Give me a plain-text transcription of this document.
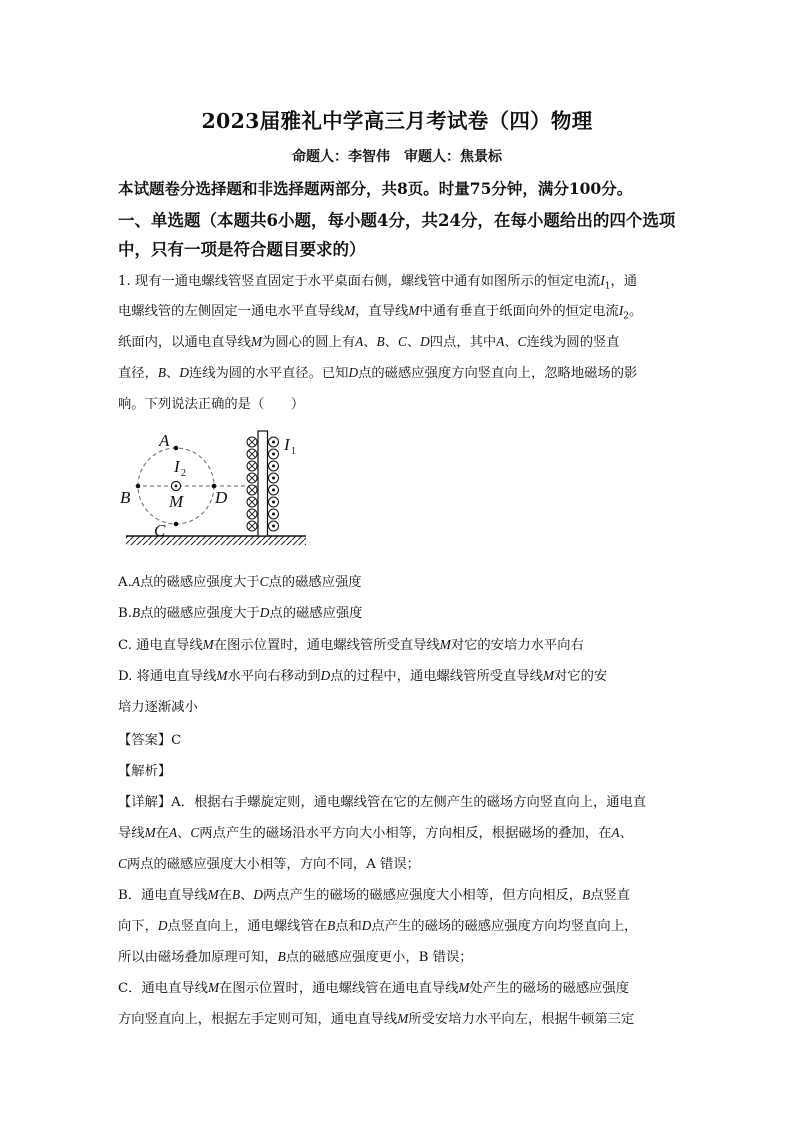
2023届雅礼中学高三月考试卷（四）物理
命题人：李智伟　审题人：焦景标
本试题卷分选择题和非选择题两部分，共8页。时量75分钟，满分100分。
一、单选题（本题共6小题，每小题4分，共24分，在每小题给出的四个选项
中，只有一项是符合题目要求的）
1. 现有一通电螺线管竖直固定于水平桌面右侧，螺线管中通有如图所示的恒定电流$I_1$，通
电螺线管的左侧固定一通电水平直导线M，直导线M中通有垂直于纸面向外的恒定电流$I_2$。
纸面内，以通电直导线M为圆心的圆上有A、B、C、D四点，其中A、C连线为圆的竖直
直径，B、D连线为圆的水平直径。已知D点的磁感应强度方向竖直向上，忽略地磁场的影
响。下列说法正确的是（　　）
A
B
C
D
M
I
I
2
1
A.A点的磁感应强度大于C点的磁感应强度
B.B点的磁感应强度大于D点的磁感应强度
C. 通电直导线M在图示位置时，通电螺线管所受直导线M对它的安培力水平向右
D. 将通电直导线M水平向右移动到D点的过程中，通电螺线管所受直导线M对它的安
培力逐渐减小
【答案】C
【解析】
【详解】A．根据右手螺旋定则，通电螺线管在它的左侧产生的磁场方向竖直向上，通电直
导线M在A、C两点产生的磁场沿水平方向大小相等，方向相反，根据磁场的叠加，在A、
C两点的磁感应强度大小相等，方向不同，A 错误；
B．通电直导线M在B、D两点产生的磁场的磁感应强度大小相等，但方向相反，B点竖直
向下，D点竖直向上，通电螺线管在B点和D点产生的磁场的磁感应强度方向均竖直向上，
所以由磁场叠加原理可知，B点的磁感应强度更小，B 错误；
C．通电直导线M在图示位置时，通电螺线管在通电直导线M处产生的磁场的磁感应强度
方向竖直向上，根据左手定则可知，通电直导线M所受安培力水平向左，根据牛顿第三定
